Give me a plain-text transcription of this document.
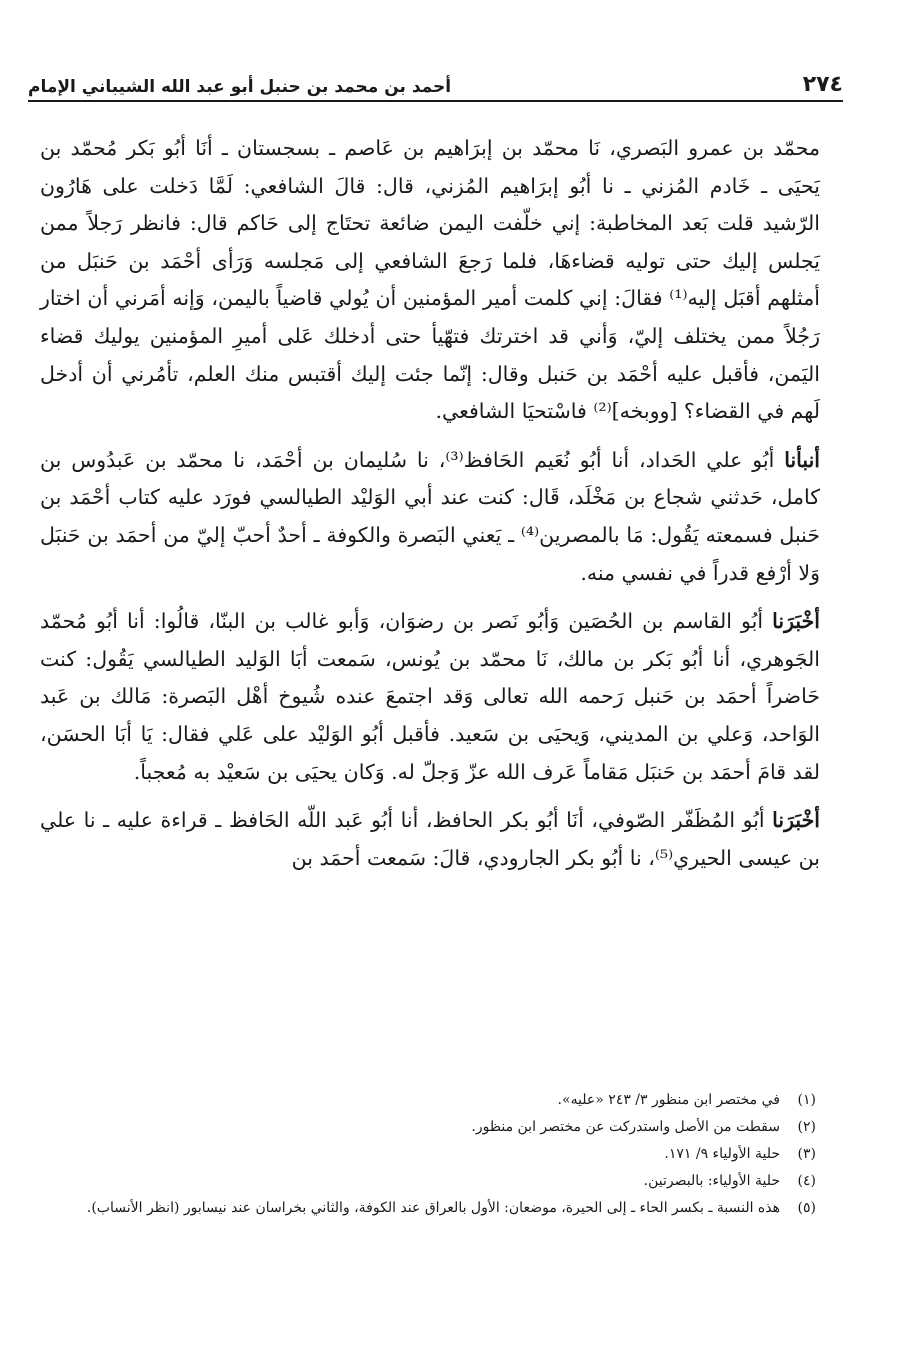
٢٧٤
أحمد بن محمد بن حنبل أبو عبد الله الشيباني الإمام

محمّد بن عمرو البَصري، نَا محمّد بن إبرَاهيم بن عَاصم ـ بسجستان ـ أنَا أبُو بَكر مُحمّد بن يَحيَى ـ خَادم المُزني ـ نا أبُو إبرَاهيم المُزني، قال: قالَ الشافعي: لَمَّا دَخلت على هَارُون الرّشيد قلت بَعد المخاطبة: إني خلّفت اليمن ضائعة تحتَاج إلى حَاكم قال: فانظر رَجلاً ممن يَجلس إليك حتى توليه قضاءهَا، فلما رَجعَ الشافعي إلى مَجلسه وَرَأى أحْمَد بن حَنبَل من أمثلهم أقبَل إليه⁽¹⁾ فقالَ: إني كلمت أمير المؤمنين أن يُولي قاضياً باليمن، وَإنه أمَرني أن اختار رَجُلاً ممن يختلف إليّ، وَأني قد اخترتك فتهّيأ حتى أدخلك عَلى أميرِ المؤمنين يوليك قضاء اليَمن، فأقبل عليه أحْمَد بن حَنبل وقال: إنّما جئت إليك أقتبس منك العلم، تأمُرني أن أدخل لَهم في القضاء؟ [ووبخه]⁽²⁾ فاسْتحيَا الشافعي.

أنبأنا أبُو علي الحَداد، أنا أبُو نُعَيم الحَافظ⁽³⁾، نا سُليمان بن أحْمَد، نا محمّد بن عَبدُوس بن كامل، حَدثني شجاع بن مَخْلَد، قَال: كنت عند أبي الوَليْد الطيالسي فورَد عليه كتاب أحْمَد بن حَنبل فسمعته يَقُول: مَا بالمصرين⁽⁴⁾ ـ يَعني البَصرة والكوفة ـ أحدٌ أحبّ إليّ من أحمَد بن حَنبَل وَلا أرْفع قدراً في نفسي منه.

أخْبَرَنا أبُو القاسم بن الحُصَين وَأبُو نَصر بن رضوَان، وَأبو غالب بن البنّا، قالُوا: أنا أبُو مُحمّد الجَوهري، أنا أبُو بَكر بن مالك، نَا محمّد بن يُونس، سَمعت أبَا الوَليد الطيالسي يَقُول: كنت حَاضراً أحمَد بن حَنبل رَحمه الله تعالى وَقد اجتمعَ عنده شُيوخ أهْل البَصرة: مَالك بن عَبد الوَاحد، وَعلي بن المديني، وَيحيَى بن سَعيد. فأقبل أبُو الوَليْد على عَلي فقال: يَا أبَا الحسَن، لقد قامَ أحمَد بن حَنبَل مَقاماً عَرف الله عزّ وَجلّ له. وَكان يحيَى بن سَعيْد به مُعجباً.

أخْبَرَنا أبُو المُظَفّر الصّوفي، أنَا أبُو بكر الحافظ، أنا أبُو عَبد اللّه الحَافظ ـ قراءة عليه ـ نا علي بن عيسى الحيري⁽⁵⁾، نا أبُو بكر الجارودي، قالَ: سَمعت أحمَد بن

(١)
في مختصر ابن منظور ٣/ ٢٤٣ «عليه».
(٢)
سقطت من الأصل واستدركت عن مختصر ابن منظور.
(٣)
حلية الأولياء ٩/ ١٧١.
(٤)
حلية الأولياء: بالبصرتين.
(٥)
هذه النسبة ـ بكسر الحاء ـ إلى الحيرة، موضعان: الأول بالعراق عند الكوفة، والثاني بخراسان عند نيسابور (انظر الأنساب).
